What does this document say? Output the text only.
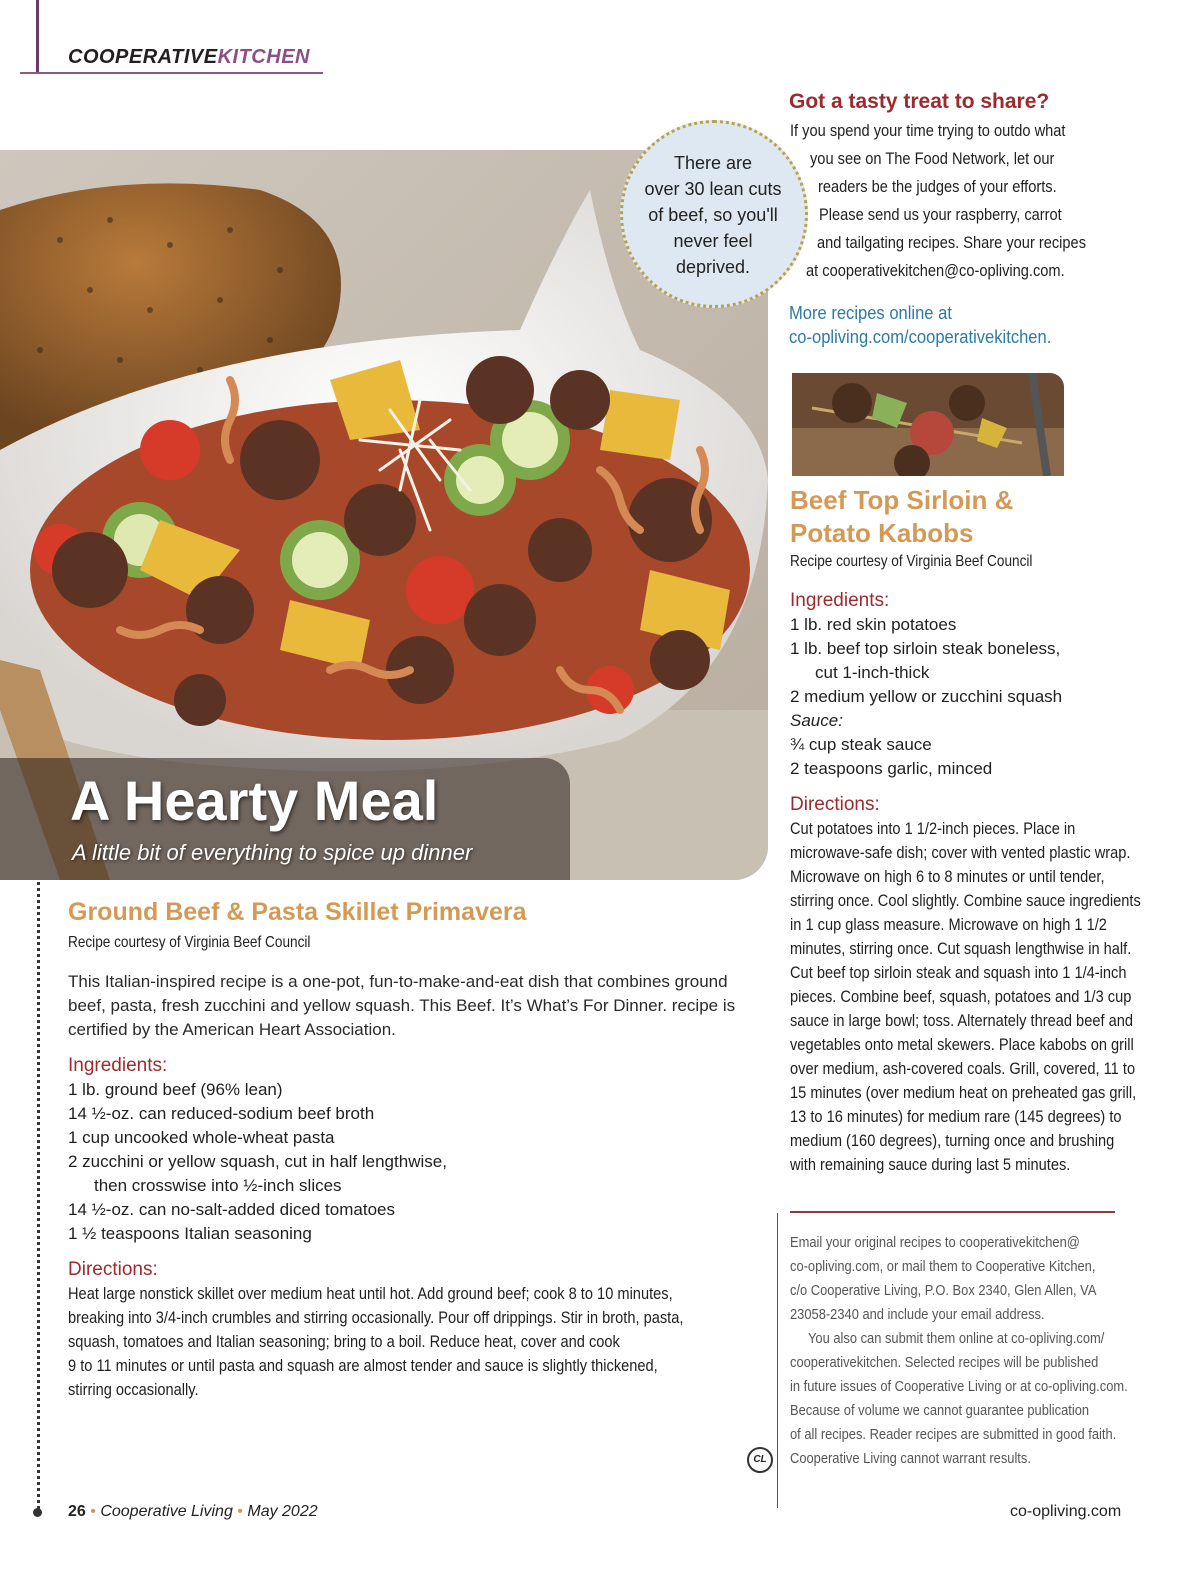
COOPERATIVEKITCHEN
A Hearty Meal
A little bit of everything to spice up dinner
There are
over 30 lean cuts
of beef, so you'll
never feel
deprived.
Got a tasty treat to share?
If you spend your time trying to outdo what
you see on The Food Network, let our
readers be the judges of your efforts.
Please send us your raspberry, carrot
and tailgating recipes. Share your recipes
at cooperativekitchen@co-opliving.com.
More recipes online at
co-opliving.com/cooperativekitchen.
Beef Top Sirloin &
Potato Kabobs
Recipe courtesy of Virginia Beef Council
Ingredients:
1 lb. red skin potatoes
1 lb. beef top sirloin steak boneless,
cut 1-inch-thick
2 medium yellow or zucchini squash
Sauce:
¾ cup steak sauce
2 teaspoons garlic, minced
Directions:
Cut potatoes into 1 1/2-inch pieces. Place in
microwave-safe dish; cover with vented plastic wrap.
Microwave on high 6 to 8 minutes or until tender,
stirring once. Cool slightly. Combine sauce ingredients
in 1 cup glass measure. Microwave on high 1 1/2
minutes, stirring once. Cut squash lengthwise in half.
Cut beef top sirloin steak and squash into 1 1/4-inch
pieces. Combine beef, squash, potatoes and 1/3 cup
sauce in large bowl; toss. Alternately thread beef and
vegetables onto metal skewers. Place kabobs on grill
over medium, ash-covered coals. Grill, covered, 11 to
15 minutes (over medium heat on preheated gas grill,
13 to 16 minutes) for medium rare (145 degrees) to
medium (160 degrees), turning once and brushing
with remaining sauce during last 5 minutes.
Ground Beef & Pasta Skillet Primavera
Recipe courtesy of Virginia Beef Council
This Italian-inspired recipe is a one-pot, fun-to-make-and-eat dish that combines ground beef, pasta, fresh zucchini and yellow squash. This Beef. It’s What’s For Dinner. recipe is certified by the American Heart Association.
Ingredients:
1 lb. ground beef (96% lean)
14 ½-oz. can reduced-sodium beef broth
1 cup uncooked whole-wheat pasta
2 zucchini or yellow squash, cut in half lengthwise,
then crosswise into ½-inch slices
14 ½-oz. can no-salt-added diced tomatoes
1 ½ teaspoons Italian seasoning
Directions:
Heat large nonstick skillet over medium heat until hot. Add ground beef; cook 8 to 10 minutes,
breaking into 3/4-inch crumbles and stirring occasionally. Pour off drippings. Stir in broth, pasta,
squash, tomatoes and Italian seasoning; bring to a boil. Reduce heat, cover and cook
9 to 11 minutes or until pasta and squash are almost tender and sauce is slightly thickened,
stirring occasionally.
Email your original recipes to cooperativekitchen@
co-opliving.com, or mail them to Cooperative Kitchen,
c/o Cooperative Living, P.O. Box 2340, Glen Allen, VA
23058-2340 and include your email address.
You also can submit them online at co-opliving.com/
cooperativekitchen. Selected recipes will be published
in future issues of Cooperative Living or at co-opliving.com.
Because of volume we cannot guarantee publication
of all recipes. Reader recipes are submitted in good faith.
Cooperative Living cannot warrant results.
CL
26 • Cooperative Living • May 2022	co-opliving.com
